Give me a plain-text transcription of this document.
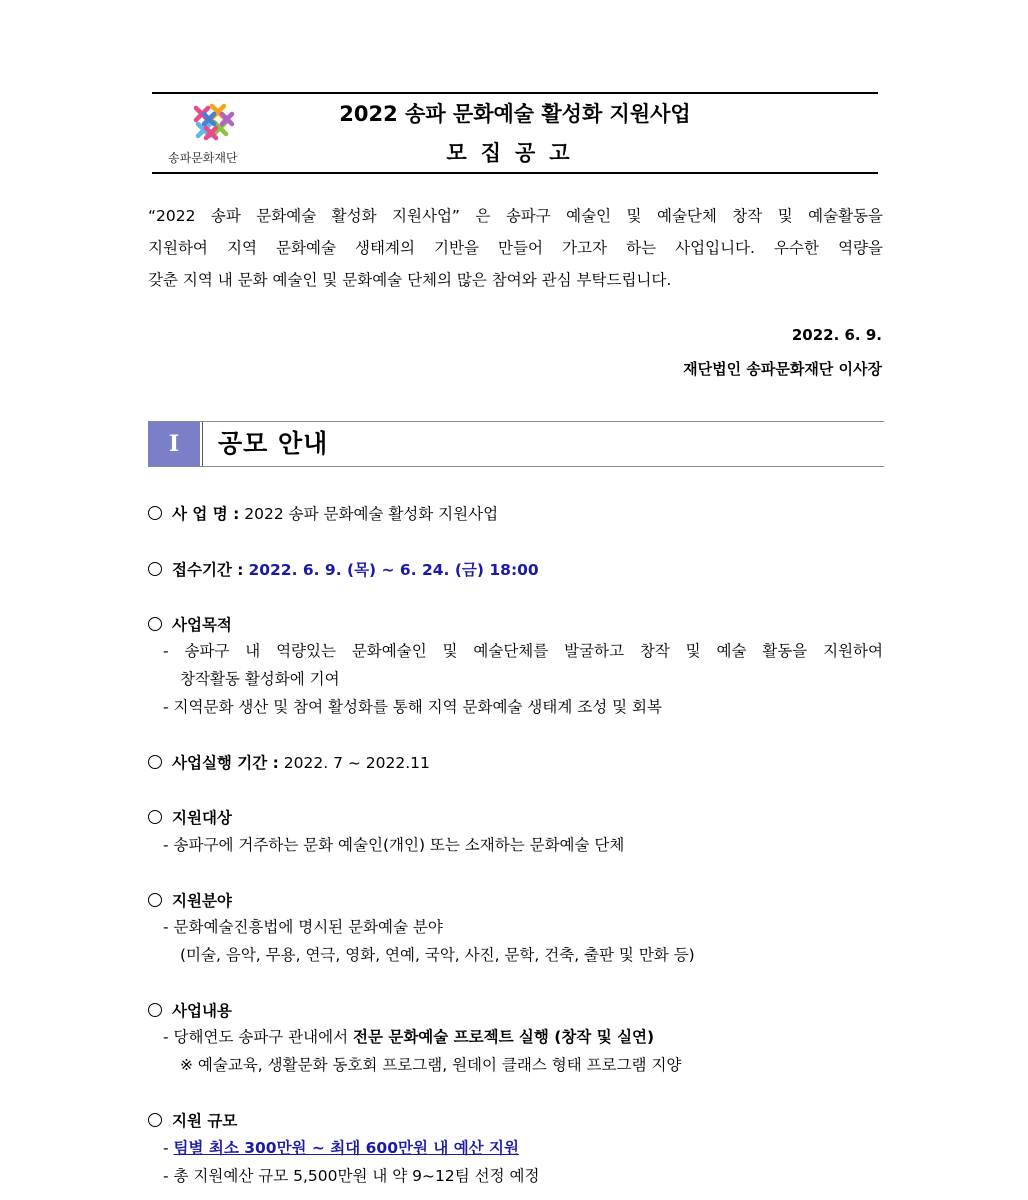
송파문화재단
2022 송파 문화예술 활성화 지원사업
모집공고

“2022 송파 문화예술 활성화 지원사업” 은 송파구 예술인 및 예술단체 창작 및 예술활동을

지원하여 지역 문화예술 생태계의 기반을 만들어 가고자 하는 사업입니다. 우수한 역량을

갖춘 지역 내 문화 예술인 및 문화예술 단체의 많은 참여와 관심 부탁드립니다.

2022. 6. 9.
재단법인 송파문화재단 이사장
I	공모 안내
사 업 명 : 2022 송파 문화예술 활성화 지원사업
접수기간 : 2022. 6. 9. (목) ~ 6. 24. (금) 18:00
사업목적
- 송파구 내 역량있는 문화예술인 및 예술단체를 발굴하고 창작 및 예술 활동을 지원하여
창작활동 활성화에 기여
- 지역문화 생산 및 참여 활성화를 통해 지역 문화예술 생태계 조성 및 회복
사업실행 기간 : 2022. 7 ~ 2022.11
지원대상
- 송파구에 거주하는 문화 예술인(개인) 또는 소재하는 문화예술 단체
지원분야
- 문화예술진흥법에 명시된 문화예술 분야
(미술, 음악, 무용, 연극, 영화, 연예, 국악, 사진, 문학, 건축, 출판 및 만화 등)
사업내용
- 당해연도 송파구 관내에서 전문 문화예술 프로젝트 실행 (창작 및 실연)
※ 예술교육, 생활문화 동호회 프로그램, 원데이 클래스 형태 프로그램 지양
지원 규모
- 팀별 최소 300만원 ~ 최대 600만원 내 예산 지원
- 총 지원예산 규모 5,500만원 내 약 9~12팀 선정 예정
